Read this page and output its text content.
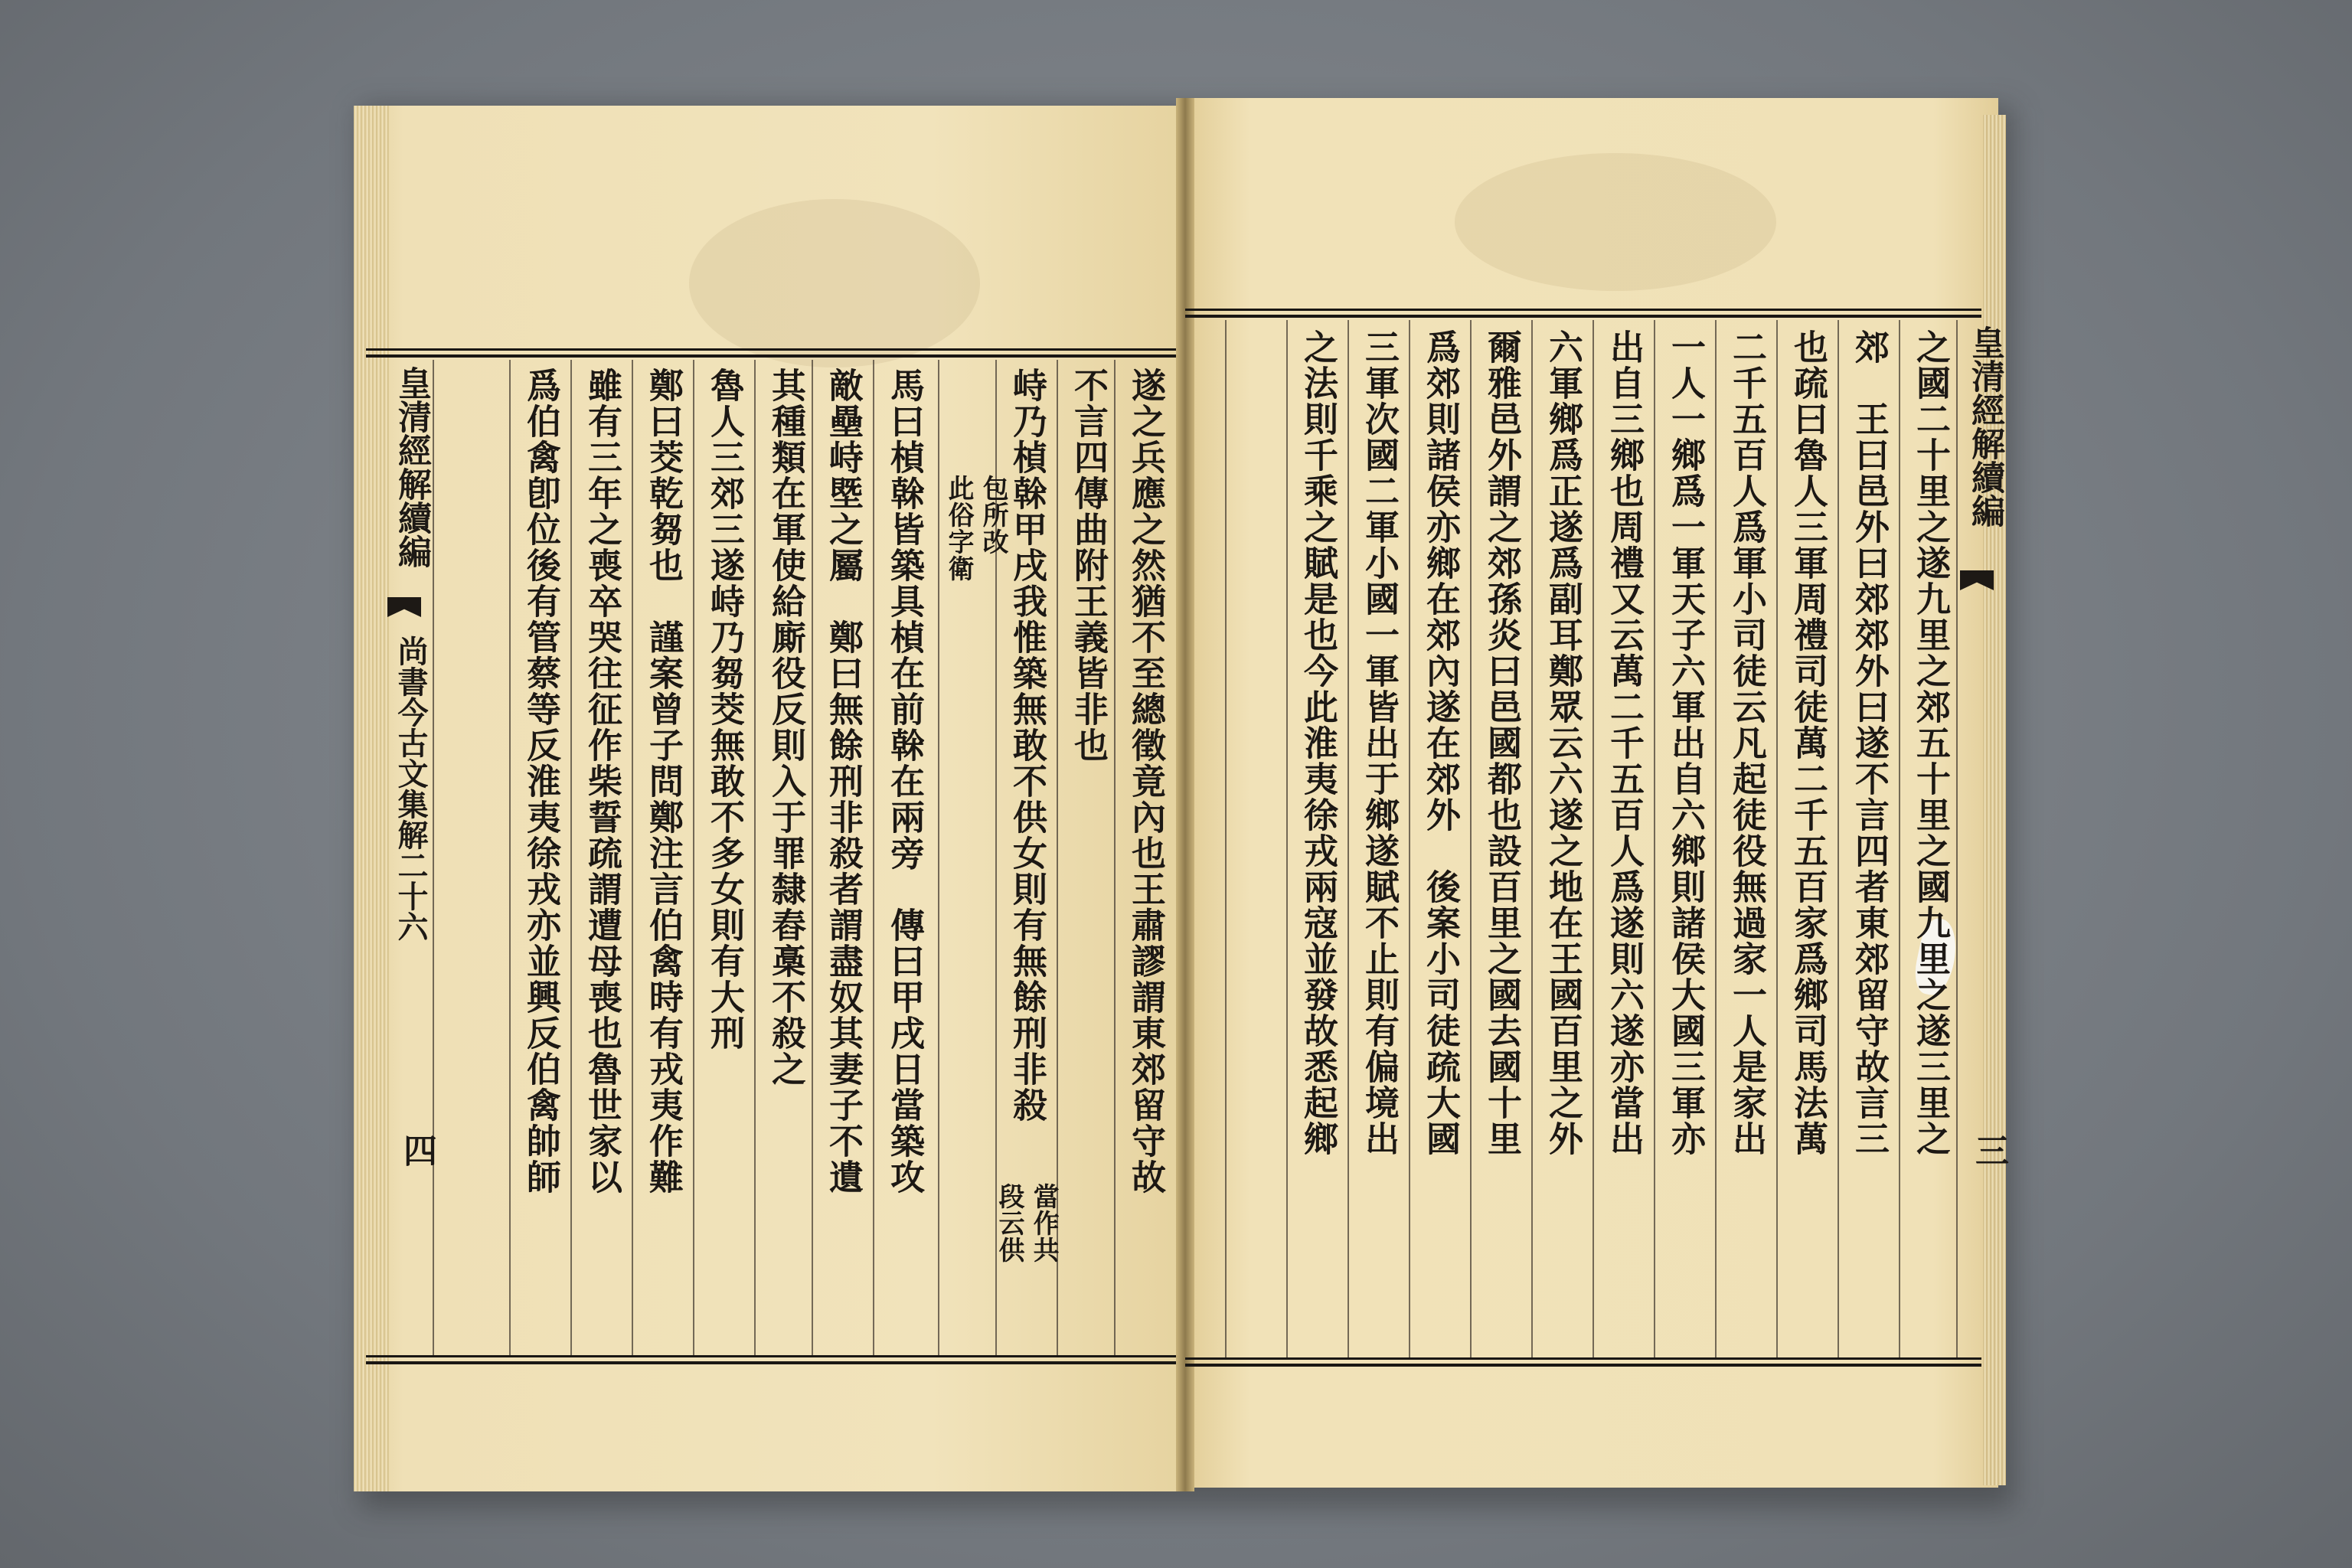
皇清經解續編
尚書今古文集解二十六
四	遂之兵應之然猶不至總徵竟內也王肅謬謂東郊留守故
不言四傳曲附王義皆非也
峙乃楨榦甲戌我惟築無敢不供女則有無餘刑非殺
段云供 當作共
此俗字衛 包所改
馬曰楨榦皆築具楨在前榦在兩旁　傳曰甲戌日當築攻
敵壘峙塈之屬　鄭曰無餘刑非殺者謂盡奴其妻子不遺
其種類在軍使給廝役反則入于罪隸舂槀不殺之
魯人三郊三遂峙乃芻茭無敢不多女則有大刑
鄭曰茭乾芻也　謹案曾子問鄭注言伯禽時有戎夷作難
雖有三年之喪卒哭往征作柴誓疏謂遭母喪也魯世家以
爲伯禽卽位後有管蔡等反淮夷徐戎亦並興反伯禽帥師	皇清經解續編
三
之國二十里之遂九里之郊五十里之國九里之遂三里之
郊　王曰邑外曰郊郊外曰遂不言四者東郊留守故言三
也疏曰魯人三軍周禮司徒萬二千五百家爲鄉司馬法萬
二千五百人爲軍小司徒云凡起徒役無過家一人是家出
一人一鄉爲一軍天子六軍出自六鄉則諸侯大國三軍亦
出自三鄉也周禮又云萬二千五百人爲遂則六遂亦當出
六軍鄉爲正遂爲副耳鄭眾云六遂之地在王國百里之外
爾雅邑外謂之郊孫炎曰邑國都也設百里之國去國十里
爲郊則諸侯亦鄉在郊內遂在郊外　後案小司徒疏大國
三軍次國二軍小國一軍皆出于鄉遂賦不止則有偏境出
之法則千乘之賦是也今此淮夷徐戎兩寇並發故悉起鄉
